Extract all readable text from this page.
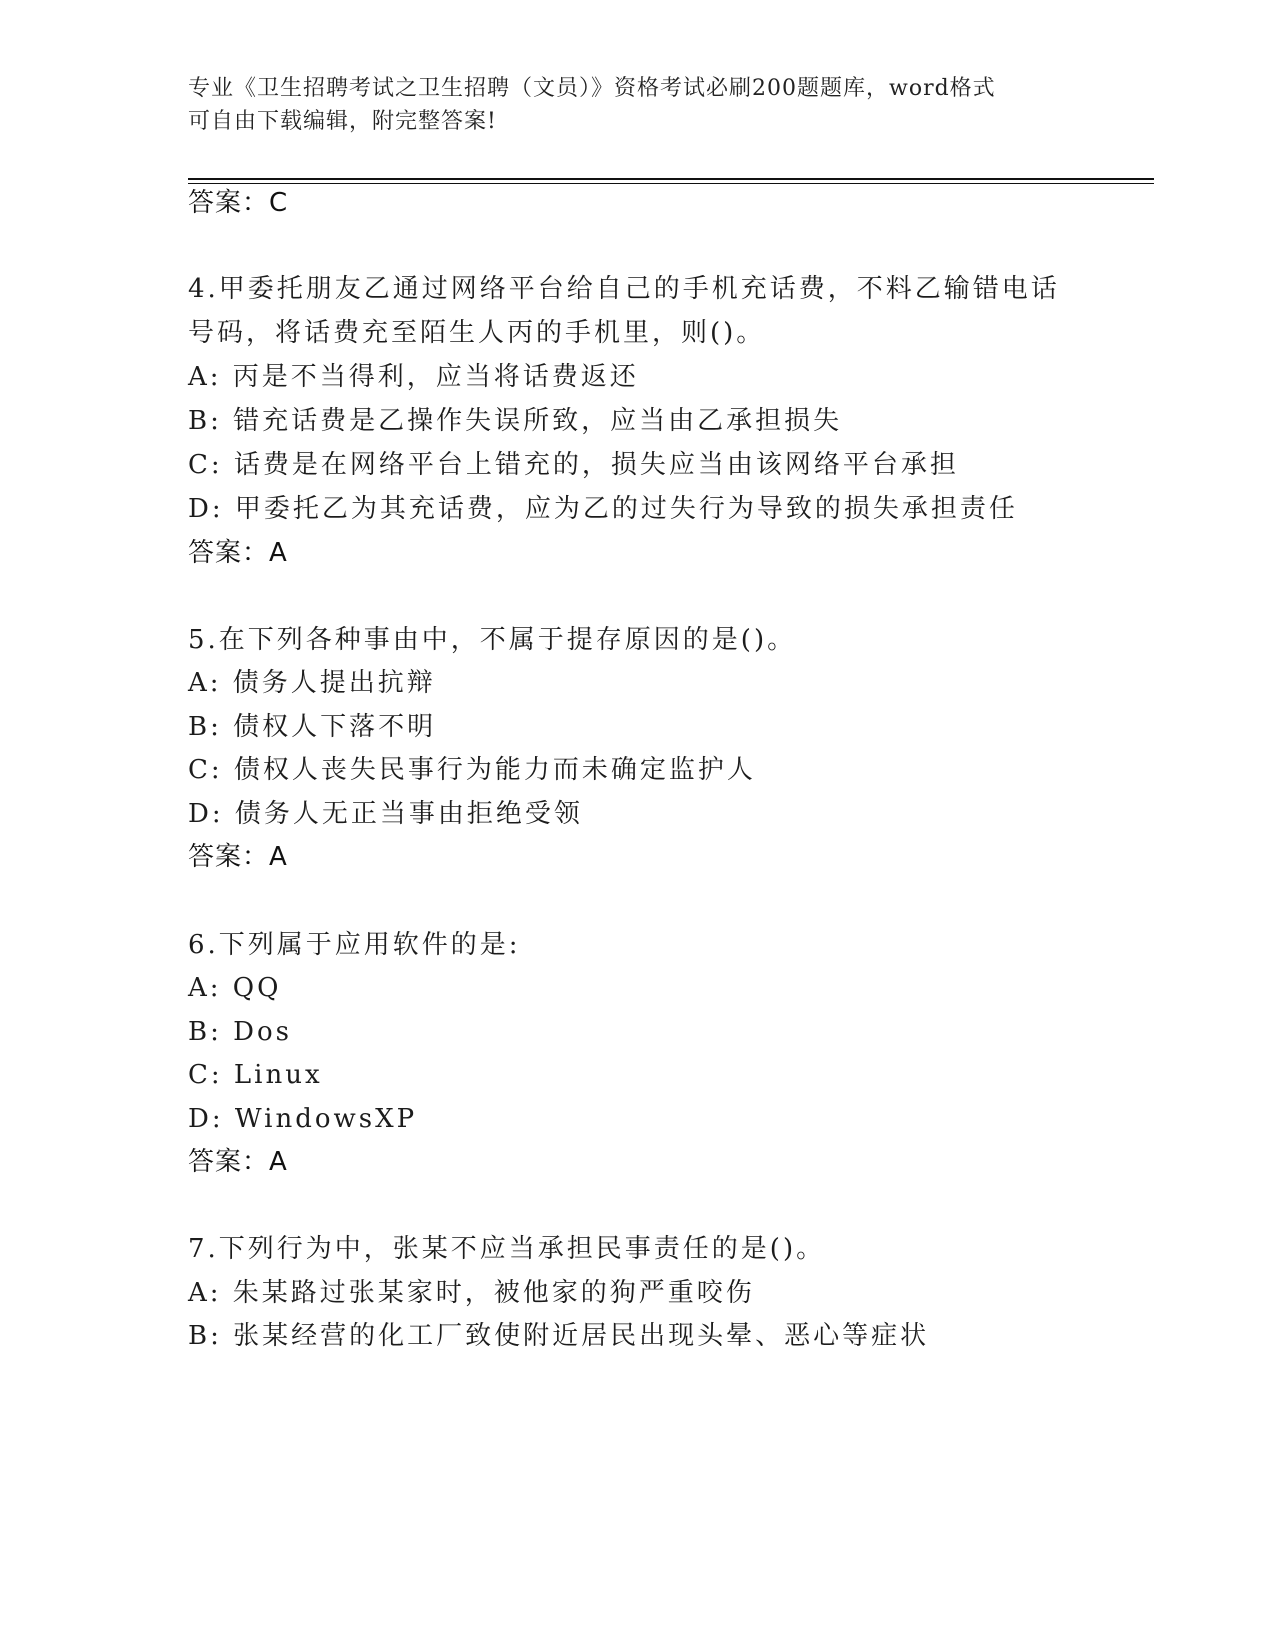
专业《卫生招聘考试之卫生招聘（文员）》资格考试必刷200题题库，word格式
可自由下载编辑，附完整答案!
答案：C
4.甲委托朋友乙通过网络平台给自己的手机充话费，不料乙输错电话
号码，将话费充至陌生人丙的手机里，则()。
A: 丙是不当得利，应当将话费返还
B: 错充话费是乙操作失误所致，应当由乙承担损失
C: 话费是在网络平台上错充的，损失应当由该网络平台承担
D: 甲委托乙为其充话费，应为乙的过失行为导致的损失承担责任
答案：A
5.在下列各种事由中，不属于提存原因的是()。
A: 债务人提出抗辩
B: 债权人下落不明
C: 债权人丧失民事行为能力而未确定监护人
D: 债务人无正当事由拒绝受领
答案：A
6.下列属于应用软件的是:
A: QQ
B: Dos
C: Linux
D: WindowsXP
答案：A
7.下列行为中，张某不应当承担民事责任的是()。
A: 朱某路过张某家时，被他家的狗严重咬伤
B: 张某经营的化工厂致使附近居民出现头晕、恶心等症状
